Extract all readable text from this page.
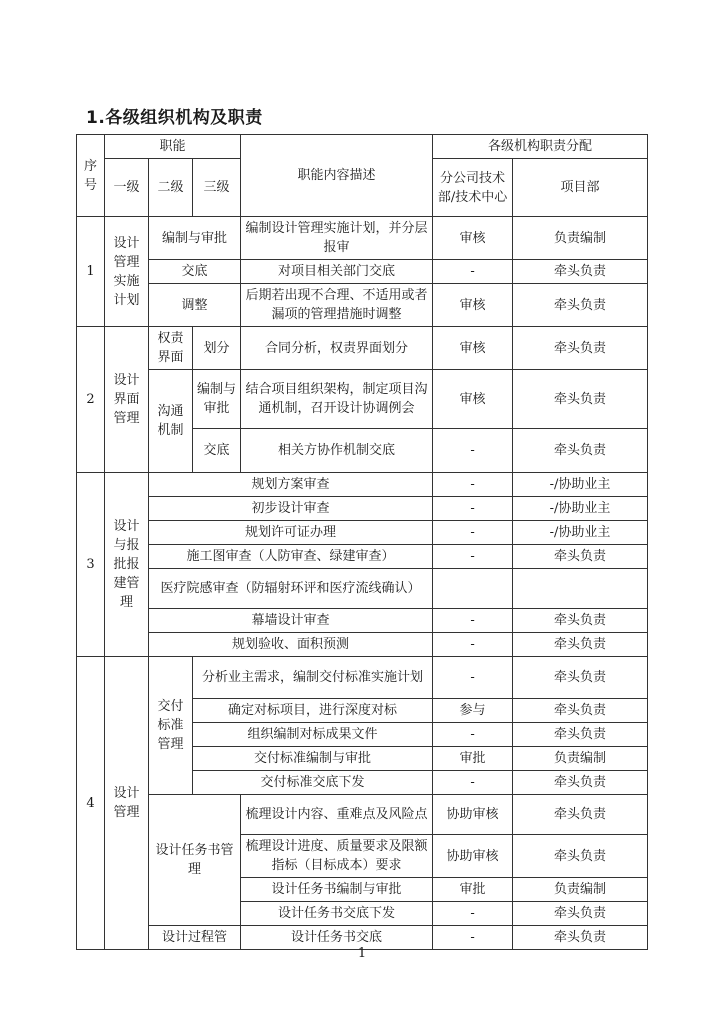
1.各级组织机构及职责
序号	职能			职能内容描述	各级机构职责分配	
	一级	二级	三级		分公司技术部/技术中心	项目部
1	设计管理实施计划	编制与审批		编制设计管理实施计划，并分层报审	审核	负责编制
		交底		对项目相关部门交底	-	牵头负责
		调整		后期若出现不合理、不适用或者漏项的管理措施时调整	审核	牵头负责
2	设计界面管理	权责界面	划分	合同分析，权责界面划分	审核	牵头负责
		沟通机制	编制与审批	结合项目组织架构，制定项目沟通机制，召开设计协调例会	审核	牵头负责
			交底	相关方协作机制交底	-	牵头负责

3	设计与报批报建管理	规划方案审查			-	-/协助业主
		初步设计审查			-	-/协助业主
		规划许可证办理			-	-/协助业主
		施工图审查（人防审查、绿建审查）			-	牵头负责
		医疗院感审查（防辐射环评和医疗流线确认）				
		幕墙设计审查			-	牵头负责
		规划验收、面积预测			-	牵头负责
4	设计管理	交付标准管理	分析业主需求，编制交付标准实施计划		-	牵头负责
			确定对标项目，进行深度对标		参与	牵头负责
			组织编制对标成果文件		-	牵头负责
			交付标准编制与审批		审批	负责编制
			交付标准交底下发		-	牵头负责
		设计任务书管理		梳理设计内容、重难点及风险点	协助审核	牵头负责
				梳理设计进度、质量要求及限额指标（目标成本）要求	协助审核	牵头负责
				设计任务书编制与审批	审批	负责编制
				设计任务书交底下发	-	牵头负责
		设计过程管		设计任务书交底	-	牵头负责
1
